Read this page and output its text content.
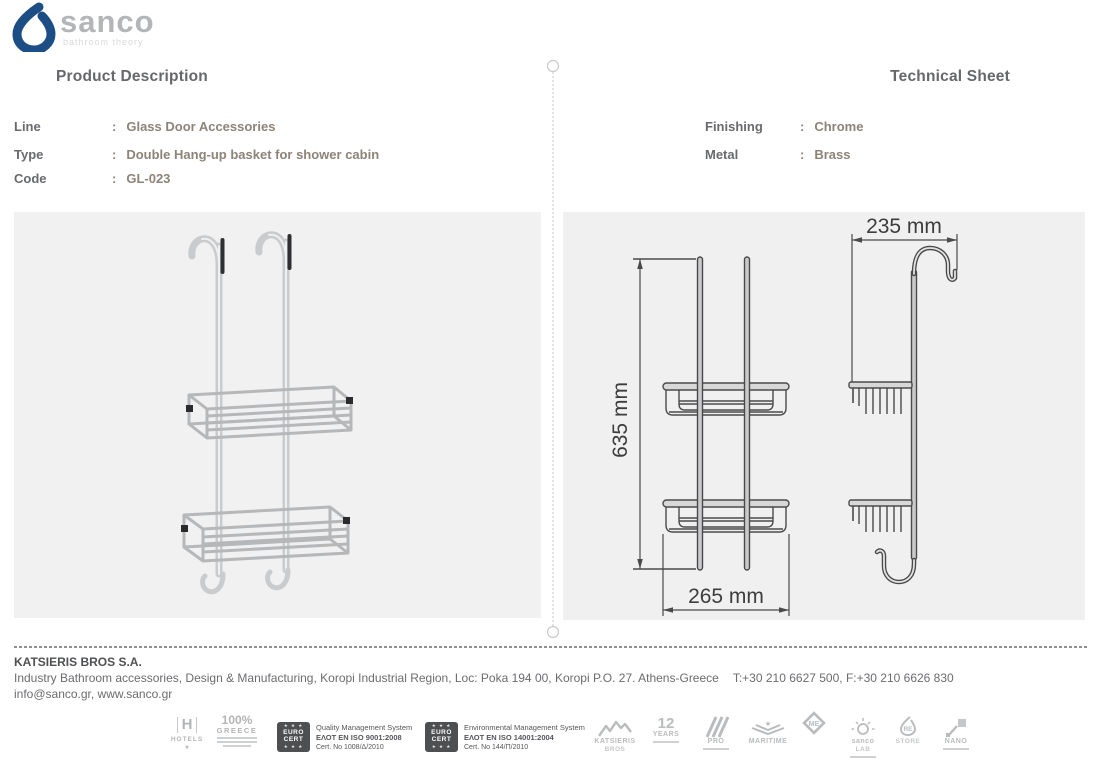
sanco
bathroom theory
Product Description	Technical Sheet
Line	: Glass Door Accessories
Type	: Double Hang-up basket for shower cabin
Code	: GL-023
Finishing	: Chrome
Metal	: Brass
635 mm
265 mm
235 mm
KATSIERIS BROS S.A.
Industry Bathroom accessories, Design & Manufacturing, Koropi Industrial Region, Loc: Poka 194 00, Koropi P.O. 27. Athens-Greece T:+30 210 6627 500, F:+30 210 6626 830
info@sanco.gr, www.sanco.gr
H
HOTELS
★
100%
GREECE
★ ★ ★
EURO
CERT
★ ★ ★
Quality Management System
ΕΛΟΤ EN ISO 9001:2008
Cert. No 1008/Δ/2010
★ ★ ★
EURO
CERT
★ ★ ★
Environmental Management System
ΕΛΟΤ EN ISO 14001:2004
Cert. No 144/Π/2010
KATSIERIS
BROS
12
YEARS
PRO
★
MARITIME
ME
sanco
LAB
RE
STORE	NANO
